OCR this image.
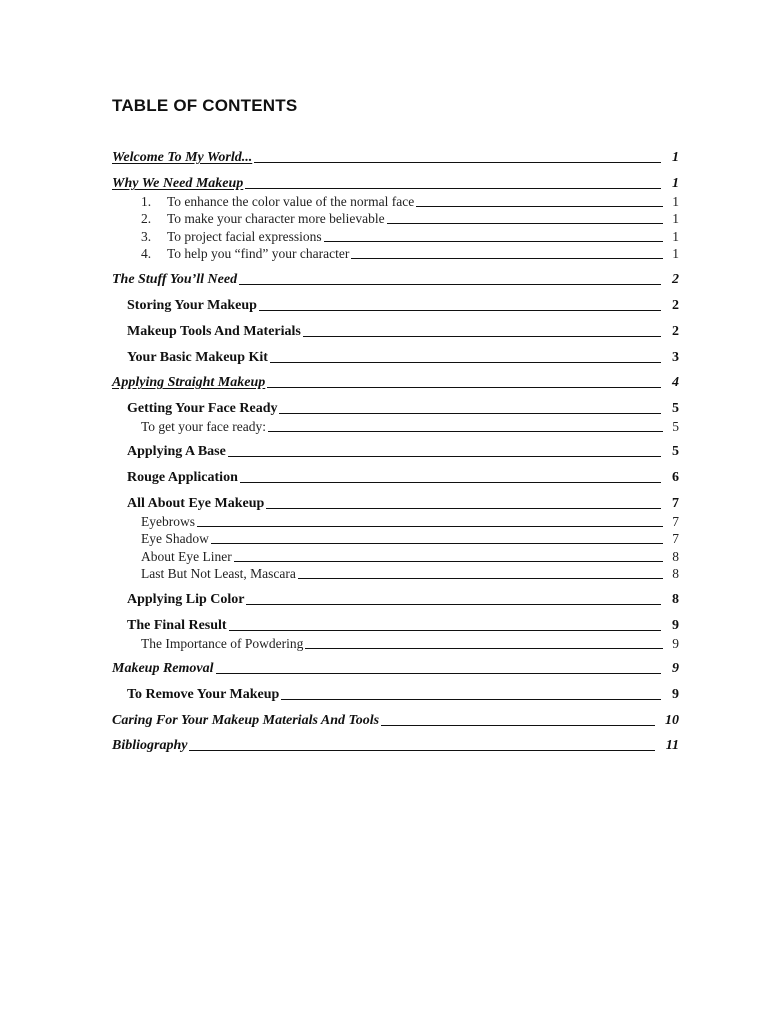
TABLE OF CONTENTS
Welcome To My World...	1
Why We Need Makeup	1
1.	To enhance the color value of the normal face	1
2.	To make your character more believable	1
3.	To project facial expressions	1
4.	To help you “find” your character	1
The Stuff You’ll Need	2
Storing Your Makeup	2
Makeup Tools And Materials	2
Your Basic Makeup Kit	3
Applying Straight Makeup	4
Getting Your Face Ready	5
To get your face ready:	5
Applying A Base	5
Rouge Application	6
All About Eye Makeup	7
Eyebrows	7
Eye Shadow	7
About Eye Liner	8
Last But Not Least, Mascara	8
Applying Lip Color	8
The Final Result	9
The Importance of Powdering	9
Makeup Removal	9
To Remove Your Makeup	9
Caring For Your Makeup Materials And Tools	10
Bibliography	11
